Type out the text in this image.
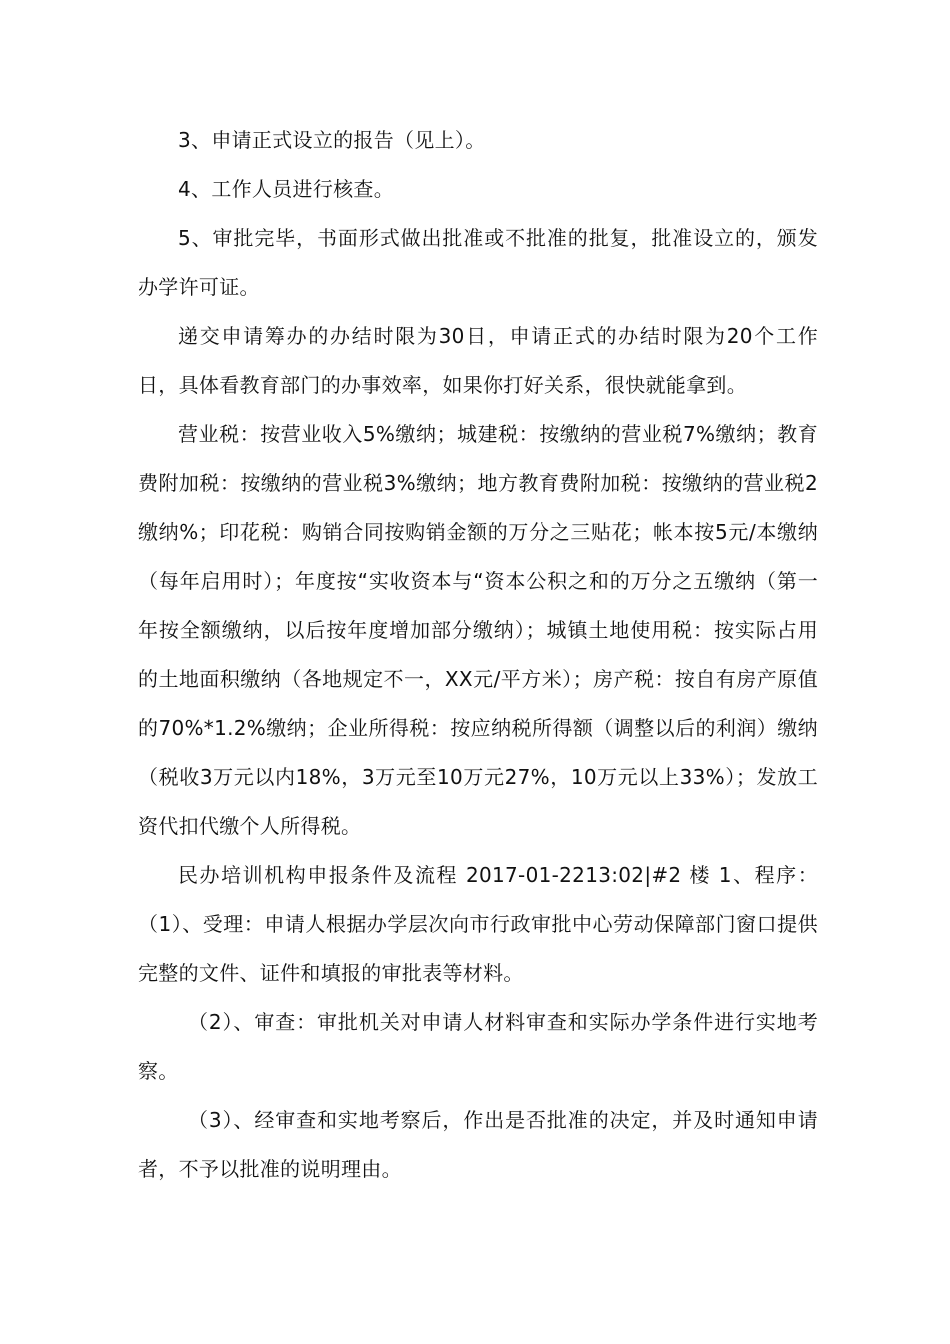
3、申请正式设立的报告（见上）。

4、工作人员进行核查。

5、审批完毕，书面形式做出批准或不批准的批复，批准设立的，颁发办学许可证。

递交申请筹办的办结时限为30日，申请正式的办结时限为20个工作日，具体看教育部门的办事效率，如果你打好关系，很快就能拿到。

营业税：按营业收入5%缴纳；城建税：按缴纳的营业税7%缴纳；教育费附加税：按缴纳的营业税3%缴纳；地方教育费附加税：按缴纳的营业税2缴纳%；印花税：购销合同按购销金额的万分之三贴花；帐本按5元/本缴纳（每年启用时）；年度按“实收资本与“资本公积之和的万分之五缴纳（第一年按全额缴纳，以后按年度增加部分缴纳）；城镇土地使用税：按实际占用的土地面积缴纳（各地规定不一，XX元/平方米）；房产税：按自有房产原值的70%*1.2%缴纳；企业所得税：按应纳税所得额（调整以后的利润）缴纳（税收3万元以内18%，3万元至10万元27%，10万元以上33%）；发放工资代扣代缴个人所得税。

民办培训机构申报条件及流程 2017-01-2213:02|#2 楼 1、程序：（1）、受理：申请人根据办学层次向市行政审批中心劳动保障部门窗口提供完整的文件、证件和填报的审批表等材料。

（2）、审查：审批机关对申请人材料审查和实际办学条件进行实地考察。

（3）、经审查和实地考察后，作出是否批准的决定，并及时通知申请者，不予以批准的说明理由。
